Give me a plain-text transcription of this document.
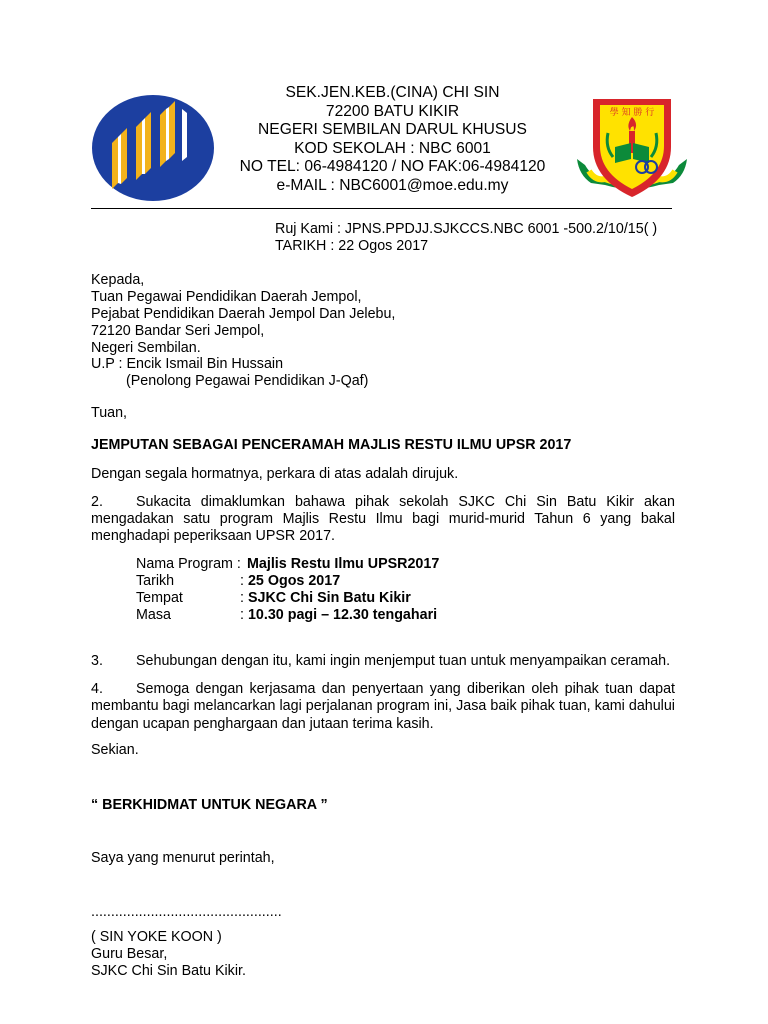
學 知 勝 行
SEK.JEN.KEB.(CINA) CHI SIN
72200 BATU KIKIR
NEGERI SEMBILAN DARUL KHUSUS
KOD SEKOLAH : NBC 6001
NO TEL: 06-4984120 / NO FAK:06-4984120
e-MAIL : NBC6001@moe.edu.my
Ruj Kami : JPNS.PPDJJ.SJKCCS.NBC 6001 -500.2/10/15( )
TARIKH : 22 Ogos 2017
Kepada,
Tuan Pegawai Pendidikan Daerah Jempol,
Pejabat Pendidikan Daerah Jempol Dan Jelebu,
72120 Bandar Seri Jempol,
Negeri Sembilan.
U.P : Encik Ismail Bin Hussain
(Penolong Pegawai Pendidikan J-Qaf)
Tuan,
JEMPUTAN SEBAGAI PENCERAMAH MAJLIS RESTU ILMU UPSR 2017
Dengan segala hormatnya, perkara di atas adalah dirujuk.
2. Sukacita dimaklumkan bahawa pihak sekolah SJKC Chi Sin Batu Kikir akan
mengadakan satu program Majlis Restu Ilmu bagi murid-murid Tahun 6 yang bakal
menghadapi peperiksaan UPSR 2017.
Nama Program : Majlis Restu Ilmu UPSR2017
Tarikh	: 25 Ogos 2017
Tempat	: SJKC Chi Sin Batu Kikir
Masa	: 10.30 pagi – 12.30 tengahari
3. Sehubungan dengan itu, kami ingin menjemput tuan untuk menyampaikan ceramah.
4. Semoga dengan kerjasama dan penyertaan yang diberikan oleh pihak tuan dapat
membantu bagi melancarkan lagi perjalanan program ini, Jasa baik pihak tuan, kami dahului
dengan ucapan penghargaan dan jutaan terima kasih.
Sekian.
“ BERKHIDMAT UNTUK NEGARA ”
Saya yang menurut perintah,
................................................
( SIN YOKE KOON )
Guru Besar,
SJKC Chi Sin Batu Kikir.
